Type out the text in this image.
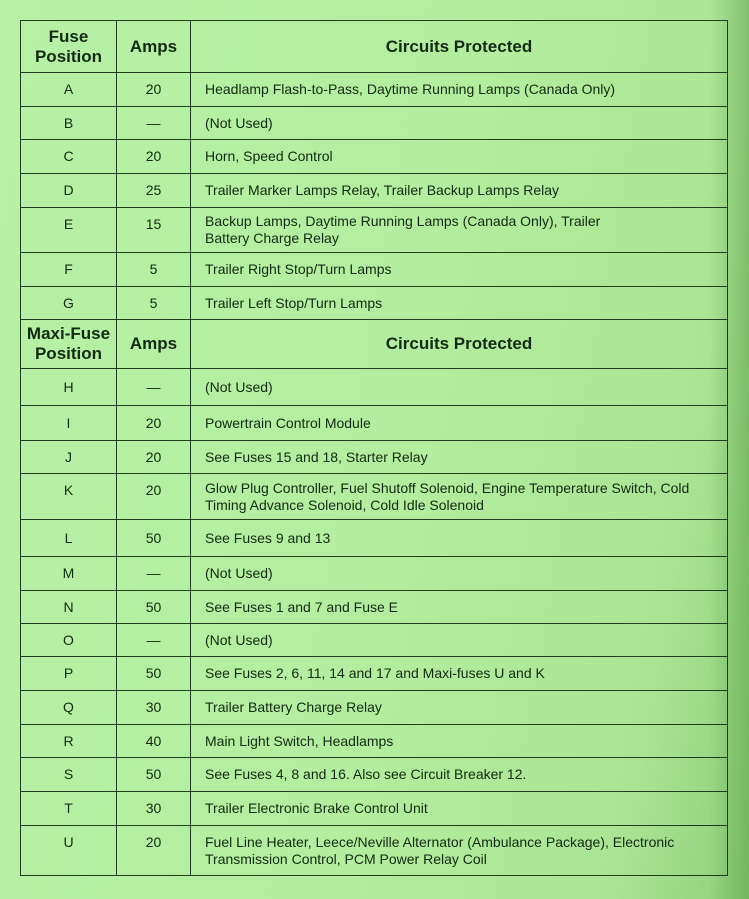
Fuse Position	Amps	Circuits Protected
A	20	Headlamp Flash-to-Pass, Daytime Running Lamps (Canada Only)
B	—	(Not Used)
C	20	Horn, Speed Control
D	25	Trailer Marker Lamps Relay, Trailer Backup Lamps Relay
E	15	Backup Lamps, Daytime Running Lamps (Canada Only), Trailer Battery Charge Relay
F	5	Trailer Right Stop/Turn Lamps
G	5	Trailer Left Stop/Turn Lamps
Maxi-Fuse Position	Amps	Circuits Protected
H	—	(Not Used)
I	20	Powertrain Control Module
J	20	See Fuses 15 and 18, Starter Relay
K	20	Glow Plug Controller, Fuel Shutoff Solenoid, Engine Temperature Switch, Cold Timing Advance Solenoid, Cold Idle Solenoid
L	50	See Fuses 9 and 13
M	—	(Not Used)
N	50	See Fuses 1 and 7 and Fuse E
O	—	(Not Used)
P	50	See Fuses 2, 6, 11, 14 and 17 and Maxi-fuses U and K
Q	30	Trailer Battery Charge Relay
R	40	Main Light Switch, Headlamps
S	50	See Fuses 4, 8 and 16. Also see Circuit Breaker 12.
T	30	Trailer Electronic Brake Control Unit
U	20	Fuel Line Heater, Leece/Neville Alternator (Ambulance Package), Electronic Transmission Control, PCM Power Relay Coil
